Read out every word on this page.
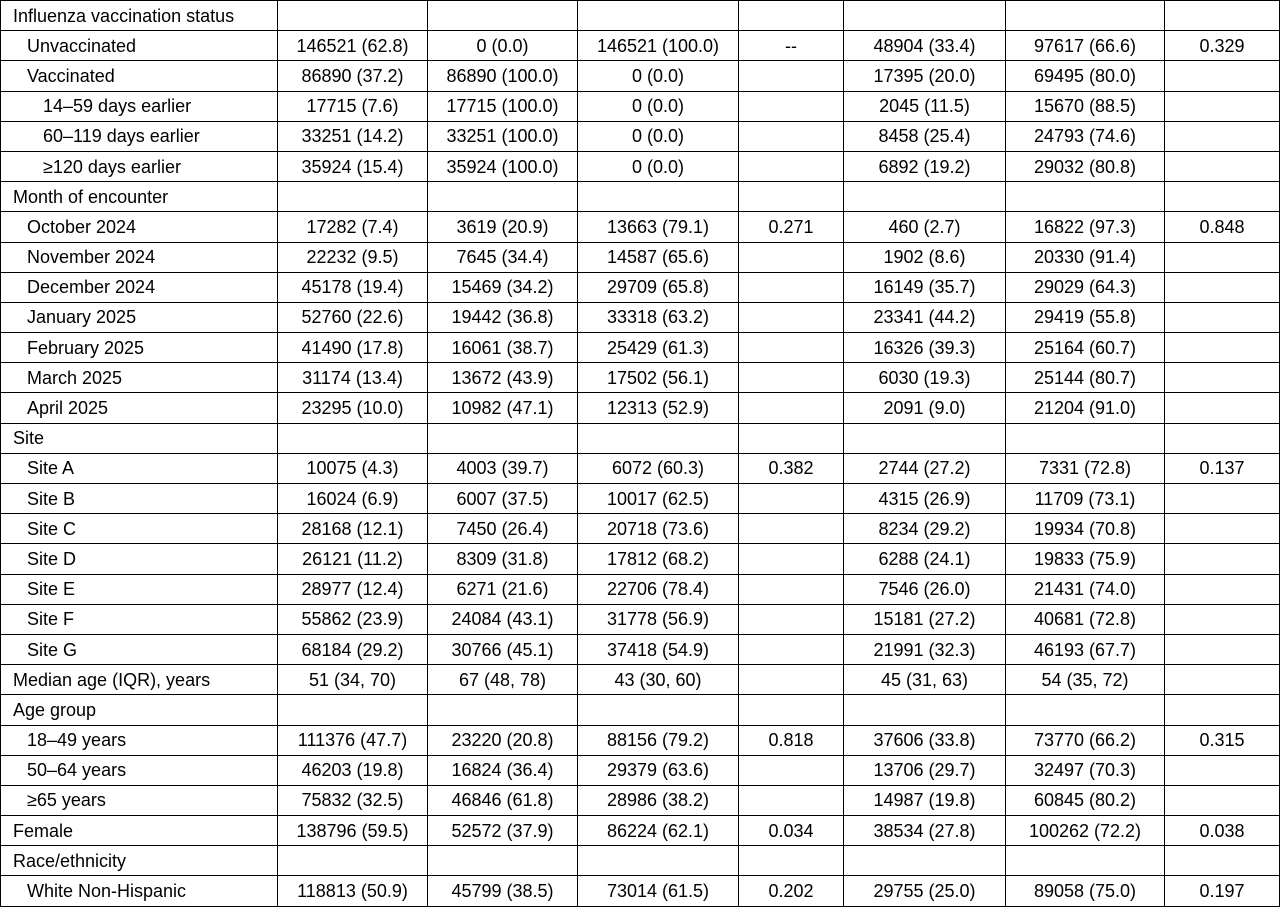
Influenza vaccination status							
Unvaccinated	146521 (62.8)	0 (0.0)	146521 (100.0)	--	48904 (33.4)	97617 (66.6)	0.329
Vaccinated	86890 (37.2)	86890 (100.0)	0 (0.0)		17395 (20.0)	69495 (80.0)	
14–59 days earlier	17715 (7.6)	17715 (100.0)	0 (0.0)		2045 (11.5)	15670 (88.5)	
60–119 days earlier	33251 (14.2)	33251 (100.0)	0 (0.0)		8458 (25.4)	24793 (74.6)	
≥120 days earlier	35924 (15.4)	35924 (100.0)	0 (0.0)		6892 (19.2)	29032 (80.8)	
Month of encounter							
October 2024	17282 (7.4)	3619 (20.9)	13663 (79.1)	0.271	460 (2.7)	16822 (97.3)	0.848
November 2024	22232 (9.5)	7645 (34.4)	14587 (65.6)		1902 (8.6)	20330 (91.4)	
December 2024	45178 (19.4)	15469 (34.2)	29709 (65.8)		16149 (35.7)	29029 (64.3)	
January 2025	52760 (22.6)	19442 (36.8)	33318 (63.2)		23341 (44.2)	29419 (55.8)	
February 2025	41490 (17.8)	16061 (38.7)	25429 (61.3)		16326 (39.3)	25164 (60.7)	
March 2025	31174 (13.4)	13672 (43.9)	17502 (56.1)		6030 (19.3)	25144 (80.7)	
April 2025	23295 (10.0)	10982 (47.1)	12313 (52.9)		2091 (9.0)	21204 (91.0)	
Site							
Site A	10075 (4.3)	4003 (39.7)	6072 (60.3)	0.382	2744 (27.2)	7331 (72.8)	0.137
Site B	16024 (6.9)	6007 (37.5)	10017 (62.5)		4315 (26.9)	11709 (73.1)	
Site C	28168 (12.1)	7450 (26.4)	20718 (73.6)		8234 (29.2)	19934 (70.8)	
Site D	26121 (11.2)	8309 (31.8)	17812 (68.2)		6288 (24.1)	19833 (75.9)	
Site E	28977 (12.4)	6271 (21.6)	22706 (78.4)		7546 (26.0)	21431 (74.0)	
Site F	55862 (23.9)	24084 (43.1)	31778 (56.9)		15181 (27.2)	40681 (72.8)	
Site G	68184 (29.2)	30766 (45.1)	37418 (54.9)		21991 (32.3)	46193 (67.7)	
Median age (IQR), years	51 (34, 70)	67 (48, 78)	43 (30, 60)		45 (31, 63)	54 (35, 72)	
Age group							
18–49 years	111376 (47.7)	23220 (20.8)	88156 (79.2)	0.818	37606 (33.8)	73770 (66.2)	0.315
50–64 years	46203 (19.8)	16824 (36.4)	29379 (63.6)		13706 (29.7)	32497 (70.3)	
≥65 years	75832 (32.5)	46846 (61.8)	28986 (38.2)		14987 (19.8)	60845 (80.2)	
Female	138796 (59.5)	52572 (37.9)	86224 (62.1)	0.034	38534 (27.8)	100262 (72.2)	0.038
Race/ethnicity							
White Non-Hispanic	118813 (50.9)	45799 (38.5)	73014 (61.5)	0.202	29755 (25.0)	89058 (75.0)	0.197
